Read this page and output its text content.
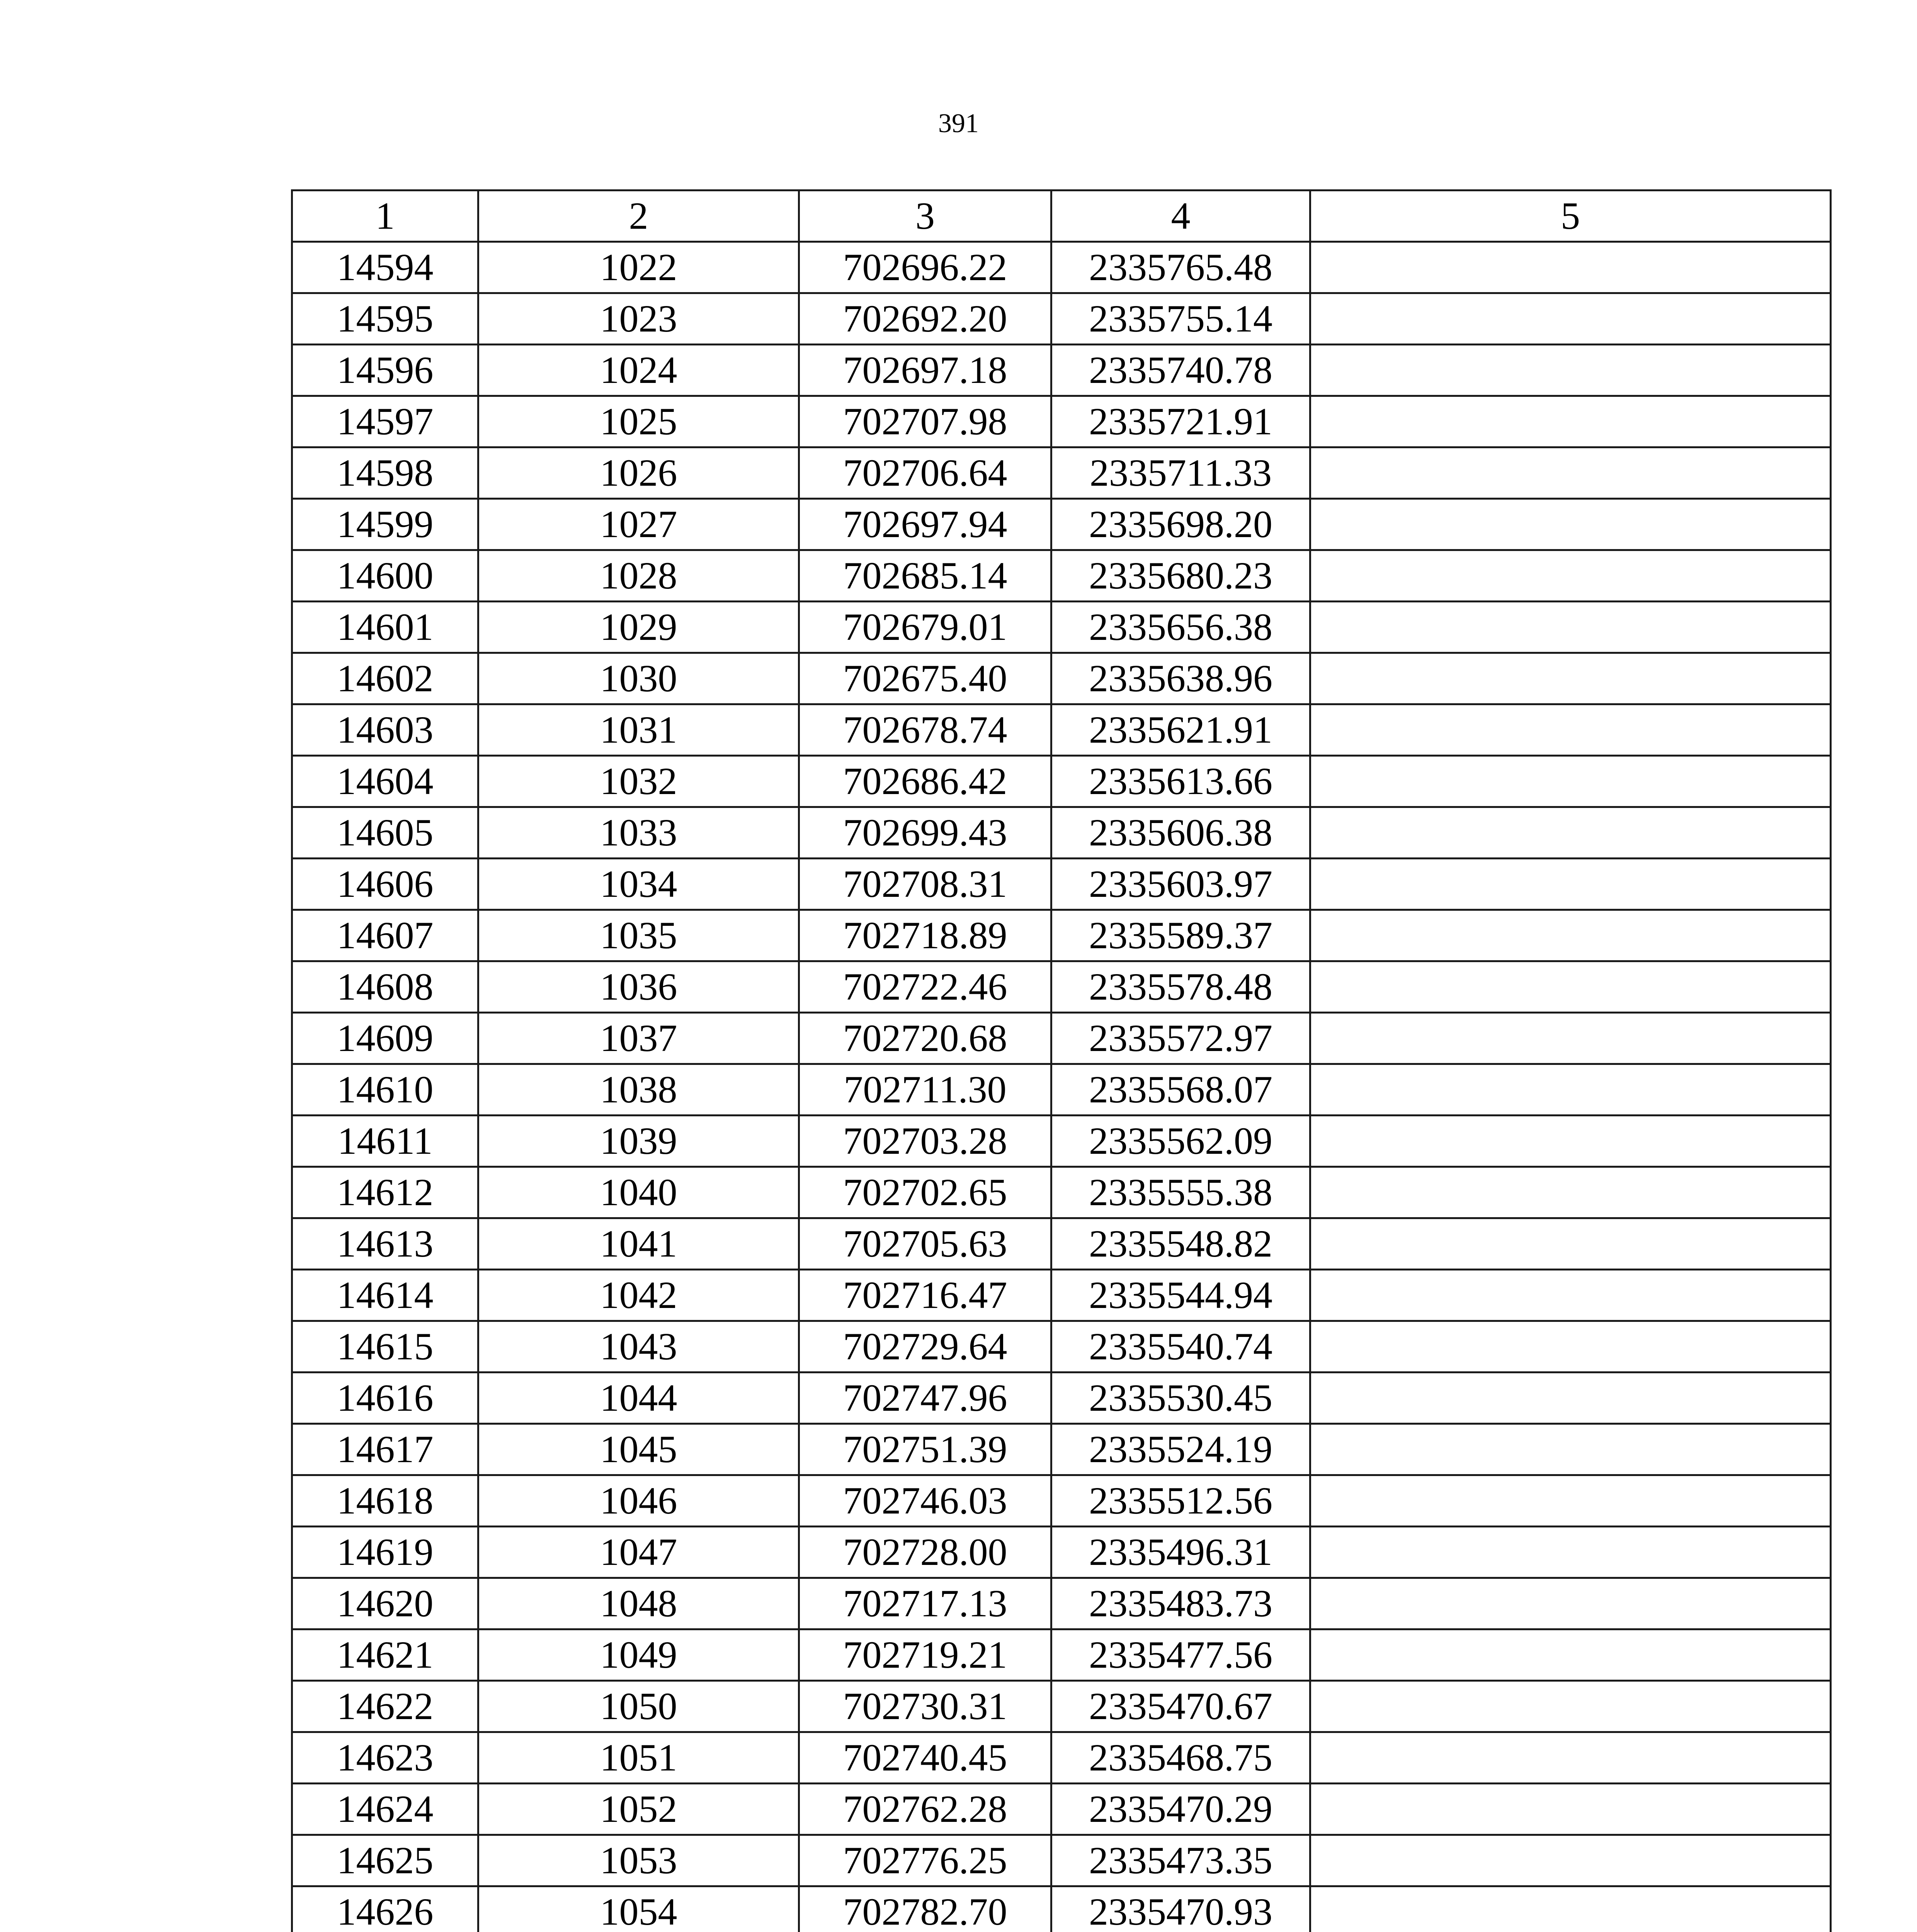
391
1	2	3	4	5
14594	1022	702696.22	2335765.48	
14595	1023	702692.20	2335755.14	
14596	1024	702697.18	2335740.78	
14597	1025	702707.98	2335721.91	
14598	1026	702706.64	2335711.33	
14599	1027	702697.94	2335698.20	
14600	1028	702685.14	2335680.23	
14601	1029	702679.01	2335656.38	
14602	1030	702675.40	2335638.96	
14603	1031	702678.74	2335621.91	
14604	1032	702686.42	2335613.66	
14605	1033	702699.43	2335606.38	
14606	1034	702708.31	2335603.97	
14607	1035	702718.89	2335589.37	
14608	1036	702722.46	2335578.48	
14609	1037	702720.68	2335572.97	
14610	1038	702711.30	2335568.07	
14611	1039	702703.28	2335562.09	
14612	1040	702702.65	2335555.38	
14613	1041	702705.63	2335548.82	
14614	1042	702716.47	2335544.94	
14615	1043	702729.64	2335540.74	
14616	1044	702747.96	2335530.45	
14617	1045	702751.39	2335524.19	
14618	1046	702746.03	2335512.56	
14619	1047	702728.00	2335496.31	
14620	1048	702717.13	2335483.73	
14621	1049	702719.21	2335477.56	
14622	1050	702730.31	2335470.67	
14623	1051	702740.45	2335468.75	
14624	1052	702762.28	2335470.29	
14625	1053	702776.25	2335473.35	
14626	1054	702782.70	2335470.93	
